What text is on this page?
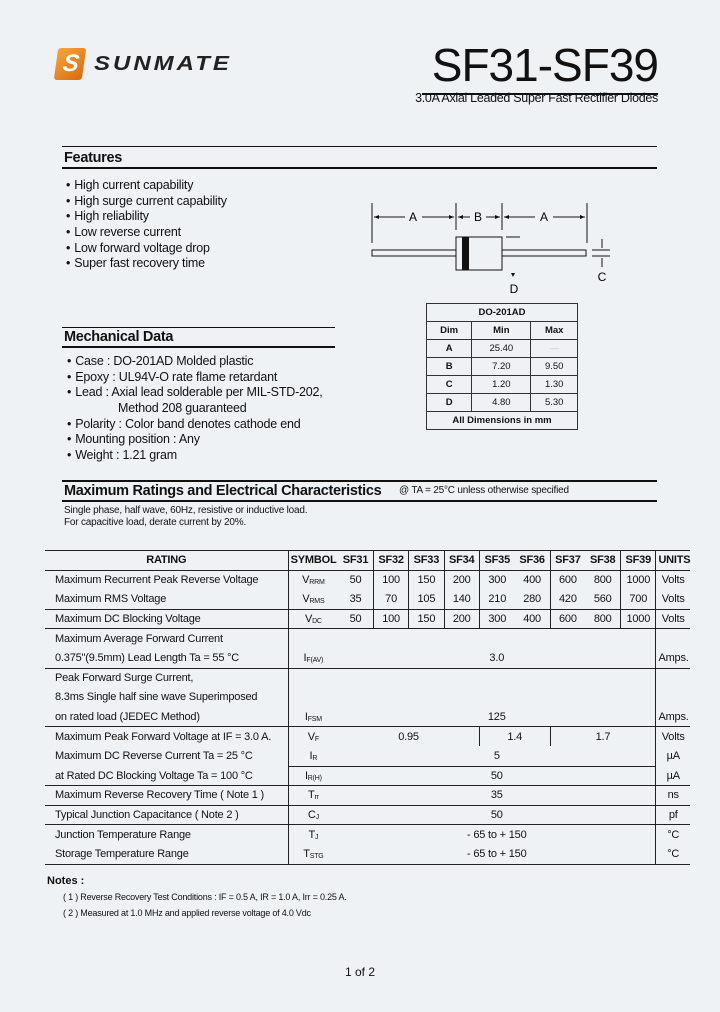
S SUNMATE	SF31-SF39
3.0A Axial Leaded Super Fast Rectifier Diodes
Features
• High current capability
• High surge current capability
• High reliability
• Low reverse current
• Low forward voltage drop
• Super fast recovery time
A	B	A
C
D
DO-201AD		
Dim	Min	Max
A	25.40	—
B	7.20	9.50
C	1.20	1.30
D	4.80	5.30
All Dimensions in mm		
Mechanical Data
• Case : DO-201AD Molded plastic
• Epoxy : UL94V-O rate flame retardant
• Lead : Axial lead solderable per MIL-STD-202,
Method 208 guaranteed
• Polarity : Color band denotes cathode end
• Mounting position : Any
• Weight : 1.21 gram
Maximum Ratings and Electrical Characteristics @ TA = 25°C unless otherwise specified
Single phase, half wave, 60Hz, resistive or inductive load.
For capacitive load, derate current by 20%.
RATING	SYMBOL	SF31	SF32	SF33	SF34	SF35	SF36	SF37	SF38	SF39	UNITS
Maximum Recurrent Peak Reverse Voltage	$V_{RRM}$	50	100	150	200	300	400	600	800	1000	Volts
Maximum RMS Voltage	$V_{RMS}$	35	70	105	140	210	280	420	560	700	Volts
Maximum DC Blocking Voltage	$V_{DC}$	50	100	150	200	300	400	600	800	1000	Volts
Maximum Average Forward Current											
0.375"(9.5mm) Lead Length Ta = 55 °C	$I_{F(AV)}$	3.0									Amps.
Peak Forward Surge Current,											
8.3ms Single half sine wave Superimposed											
on rated load (JEDEC Method)	$I_{FSM}$	125									Amps.
Maximum Peak Forward Voltage at IF = 3.0 A.	$V_F$	0.95				1.4		1.7			Volts
Maximum DC Reverse Current Ta = 25 °C	$I_R$	5									µA
at Rated DC Blocking Voltage Ta = 100 °C	$I_{R(H)}$	50									µA
Maximum Reverse Recovery Time ( Note 1 )	$T_{rr}$	35									ns
Typical Junction Capacitance ( Note 2 )	$C_J$	50									pf
Junction Temperature Range	$T_J$	- 65 to + 150									°C
Storage Temperature Range	$T_{STG}$	- 65 to + 150									°C
Notes :
( 1 ) Reverse Recovery Test Conditions : IF = 0.5 A, IR = 1.0 A, Irr = 0.25 A.
( 2 ) Measured at 1.0 MHz and applied reverse voltage of 4.0 Vdc
1 of 2
